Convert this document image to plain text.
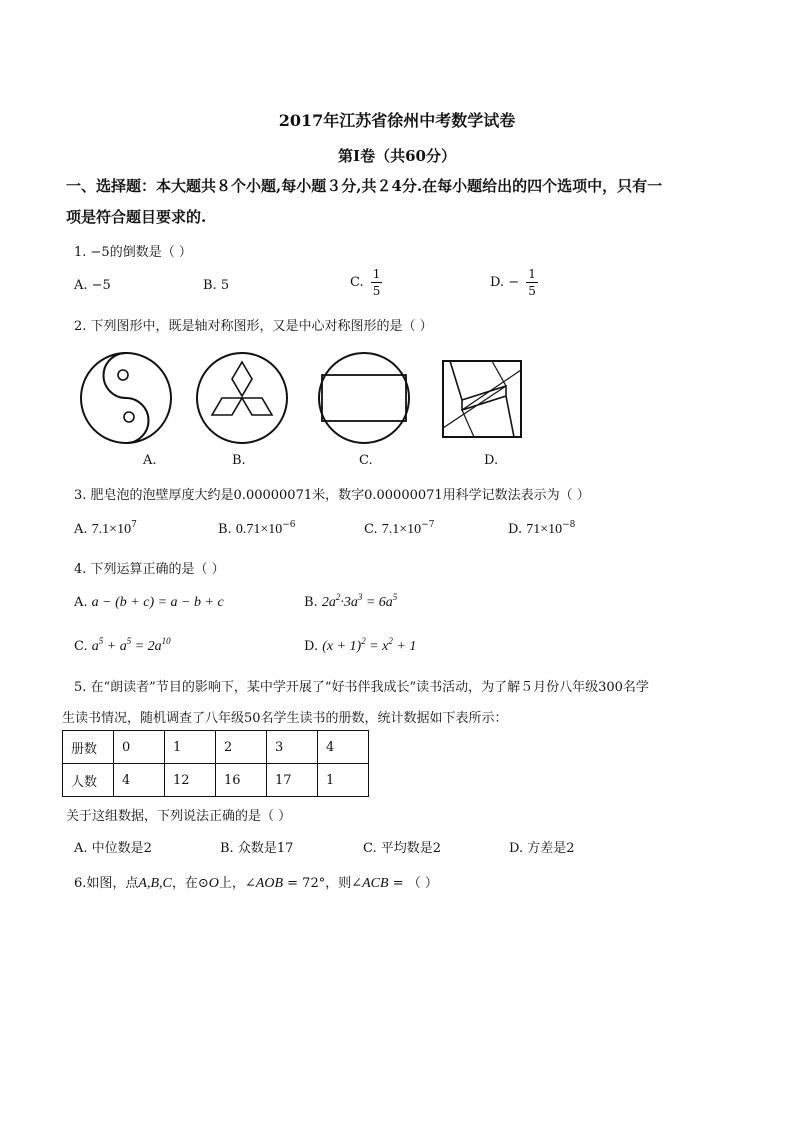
2017年江苏省徐州中考数学试卷
第Ⅰ卷（共60分）
一、选择题：本大题共８个小题,每小题３分,共２4分.在每小题给出的四个选项中，只有一
项是符合题目要求的.
1. −5的倒数是（ ）
A. −5	B. 5	C. $\frac{1}{5}$	D. − $\frac{1}{5}$
2. 下列图形中，既是轴对称图形，又是中心对称图形的是（ ）
A.	B.	C.	D.
3. 肥皂泡的泡壁厚度大约是0.00000071米，数字0.00000071用科学记数法表示为（ ）
A. $7.1\times 10^7$	B. $0.71\times 10^{-6}$	C. $7.1\times 10^{-7}$	D. $71\times 10^{-8}$
4. 下列运算正确的是（ ）
A. a − (b + c) = a − b + c	B. $2a^2\cdot 3a^3 = 6a^5$
C. $a^5 + a^5 = 2a^{10}$	D. $(x + 1)^2 = x^2 + 1$
5. 在“朗读者”节目的影响下，某中学开展了“好书伴我成长”读书活动，为了解５月份八年级300名学
生读书情况，随机调查了八年级50名学生读书的册数，统计数据如下表所示：
册数	0	1	2	3	4
人数	4	12	16	17	1
关于这组数据，下列说法正确的是（ ）
A. 中位数是2	B. 众数是17	C. 平均数是2	D. 方差是2
6.如图，点A,B,C，在⊙O上，∠AOB = 72°，则∠ACB = （ ）
